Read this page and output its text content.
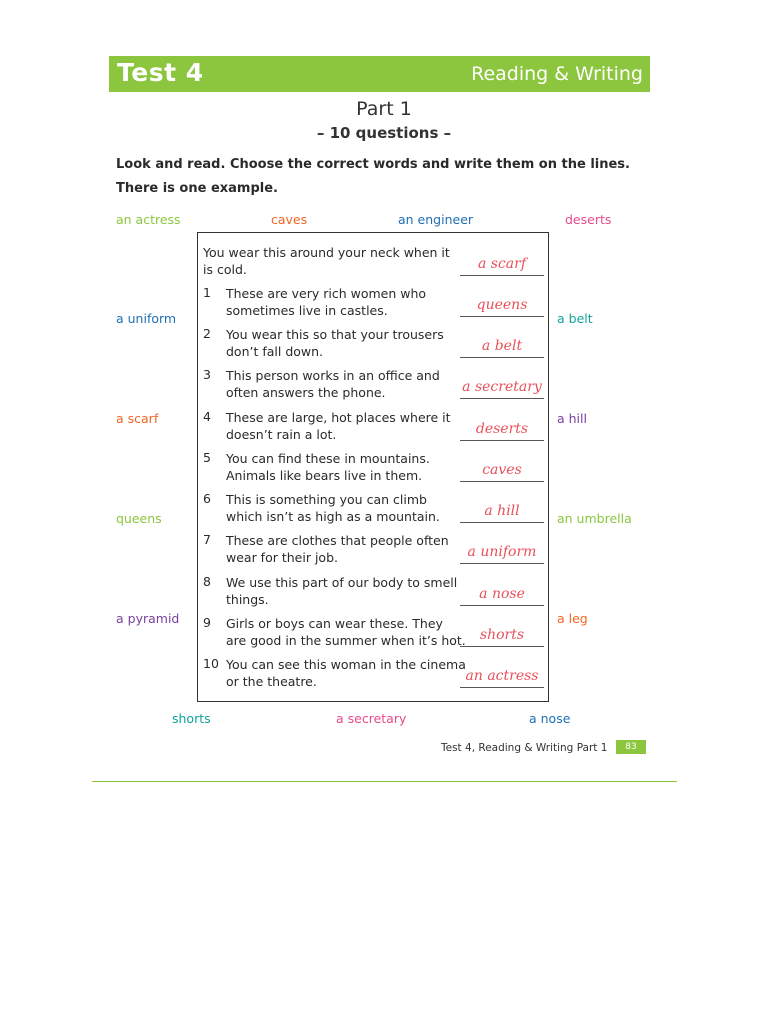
Test 4	Reading & Writing
Part 1
– 10 questions –
Look and read. Choose the correct words and write them on the lines.
There is one example.
an actress	caves	an engineer	deserts
a uniform	a belt
a scarf	a hill
queens	an umbrella
a pyramid	a leg
shorts	a secretary	a nose
You wear this around your neck when it is cold.	a scarf
1	These are very rich women who sometimes live in castles.	queens
2	You wear this so that your trousers don’t fall down.	a belt
3	This person works in an office and often answers the phone.	a secretary
4	These are large, hot places where it doesn’t rain a lot.	deserts
5	You can find these in mountains. Animals like bears live in them.	caves
6	This is something you can climb which isn’t as high as a mountain.	a hill
7	These are clothes that people often wear for their job.	a uniform
8	We use this part of our body to smell things.	a nose
9	Girls or boys can wear these. They are good in the summer when it’s hot.	shorts
10 You can see this woman in the cinema or the theatre.	an actress
Test 4, Reading & Writing Part 1	83
